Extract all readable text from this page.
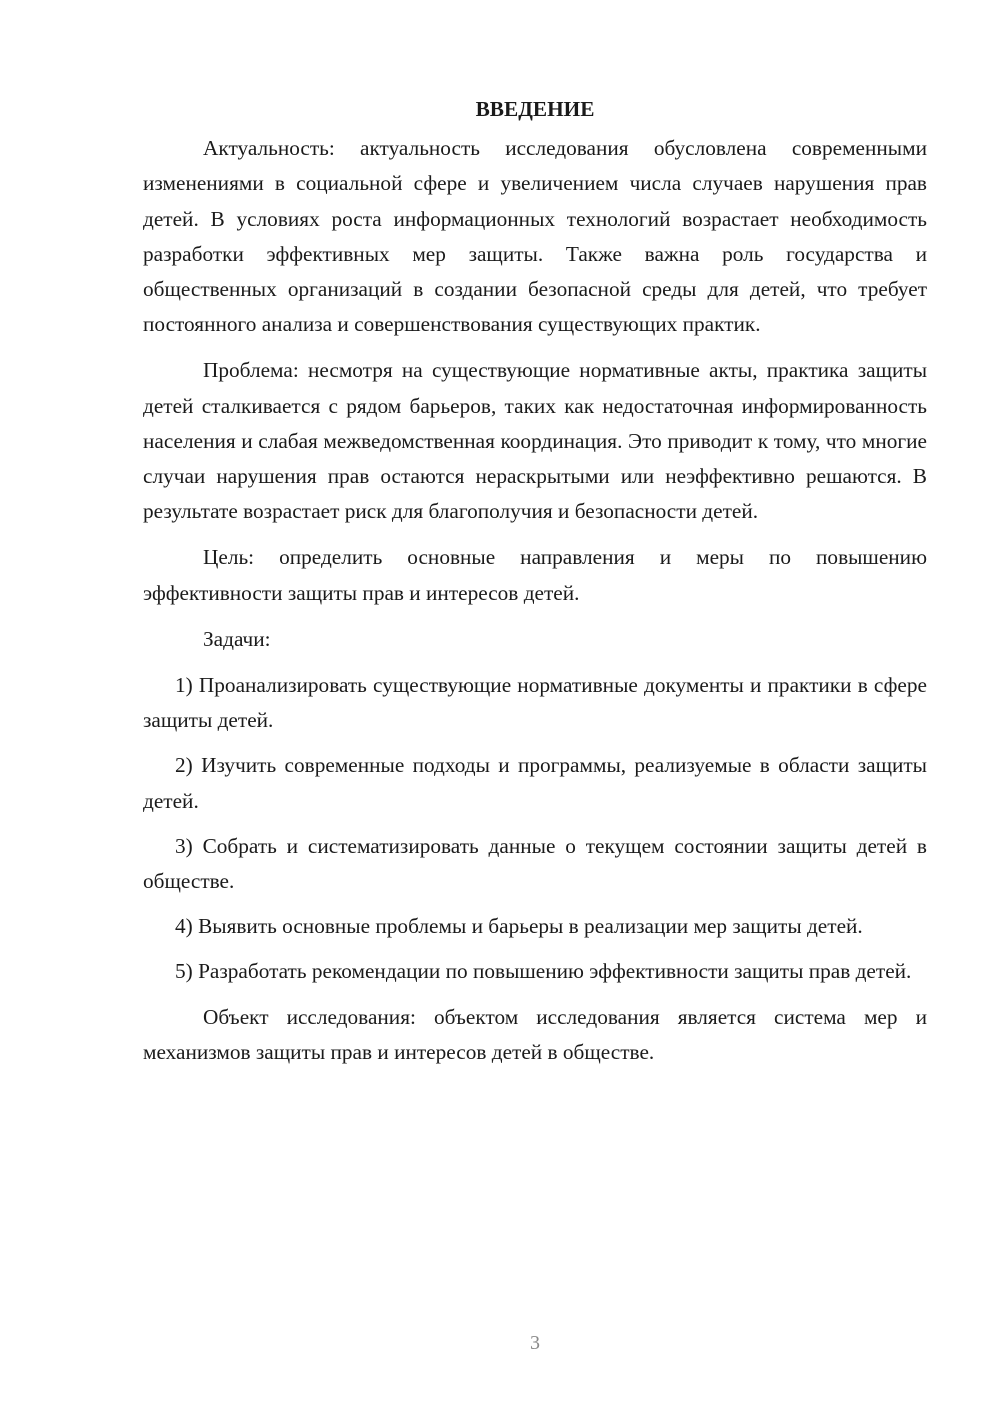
ВВЕДЕНИЕ

Актуальность: актуальность исследования обусловлена современными изменениями в социальной сфере и увеличением числа случаев нарушения прав детей. В условиях роста информационных технологий возрастает необходимость разработки эффективных мер защиты. Также важна роль государства и общественных организаций в создании безопасной среды для детей, что требует постоянного анализа и совершенствования существующих практик.

Проблема: несмотря на существующие нормативные акты, практика защиты детей сталкивается с рядом барьеров, таких как недостаточная информированность населения и слабая межведомственная координация. Это приводит к тому, что многие случаи нарушения прав остаются нераскрытыми или неэффективно решаются. В результате возрастает риск для благополучия и безопасности детей.

Цель: определить основные направления и меры по повышению эффективности защиты прав и интересов детей.

Задачи:

1) Проанализировать существующие нормативные документы и практики в сфере защиты детей.

2) Изучить современные подходы и программы, реализуемые в области защиты детей.

3) Собрать и систематизировать данные о текущем состоянии защиты детей в обществе.

4) Выявить основные проблемы и барьеры в реализации мер защиты детей.

5) Разработать рекомендации по повышению эффективности защиты прав детей.

Объект исследования: объектом исследования является система мер и механизмов защиты прав и интересов детей в обществе.

3
